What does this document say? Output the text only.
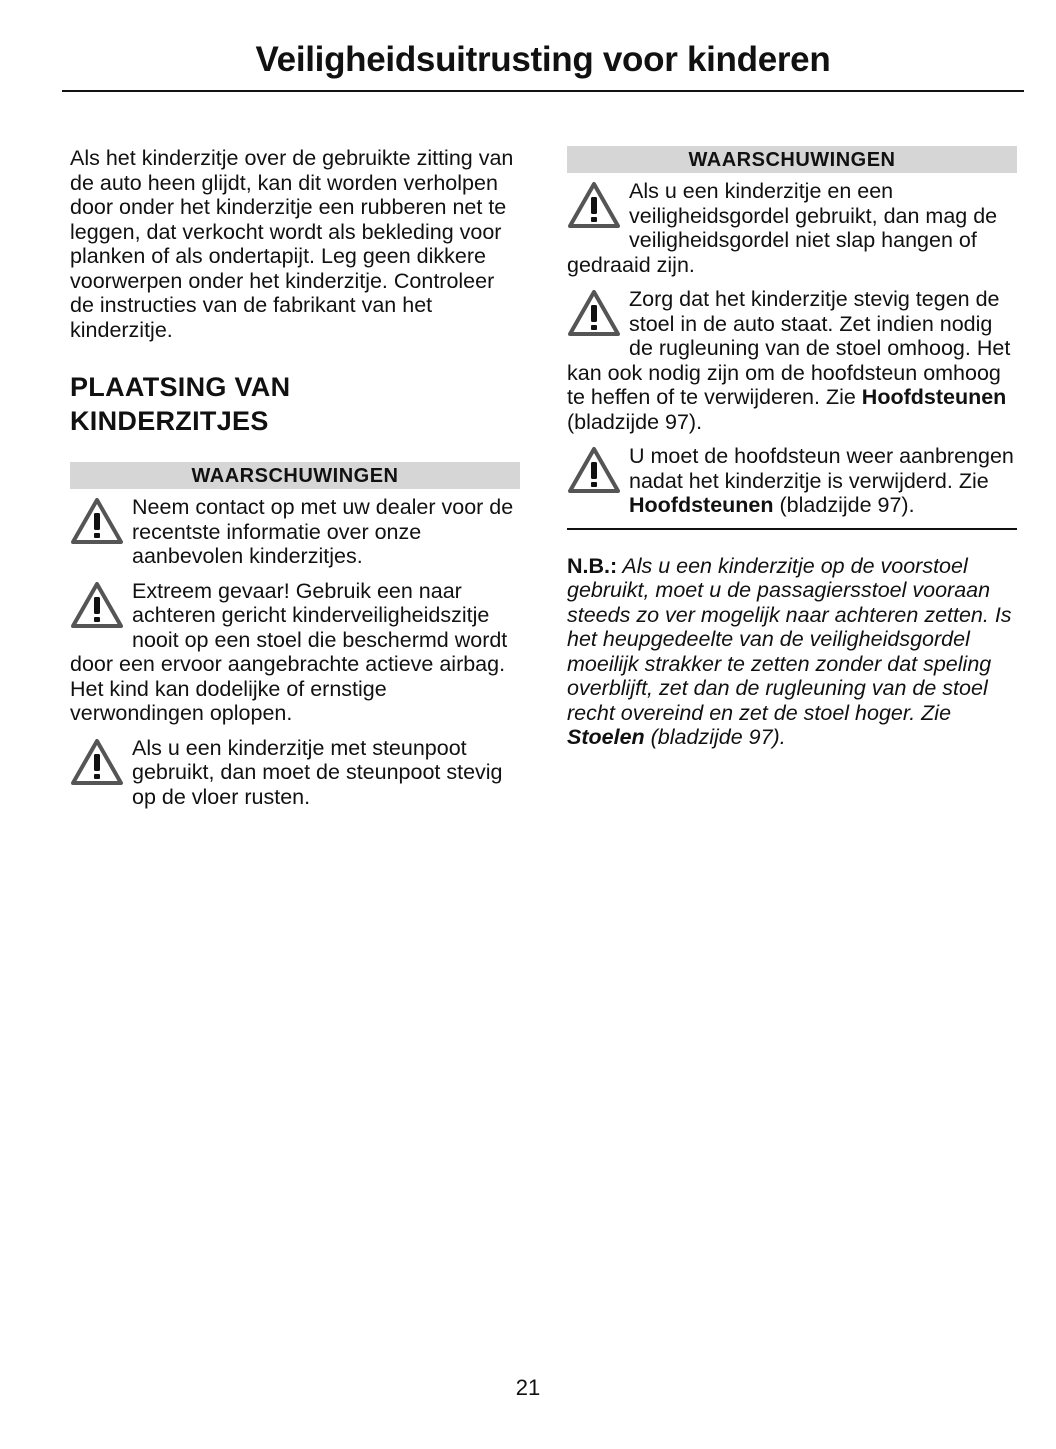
Veiligheidsuitrusting voor kinderen

Als het kinderzitje over de gebruikte zitting van de auto heen glijdt, kan dit worden verholpen door onder het kinderzitje een rubberen net te leggen, dat verkocht wordt als bekleding voor planken of als ondertapijt. Leg geen dikkere voorwerpen onder het kinderzitje. Controleer de instructies van de fabrikant van het kinderzitje.

PLAATSING VAN
KINDERZITJES
WAARSCHUWINGEN
Neem contact op met uw dealer voor de recentste informatie over onze aanbevolen kinderzitjes.
Extreem gevaar! Gebruik een naar achteren gericht kinderveiligheidszitje nooit op een stoel die beschermd wordt door een ervoor aangebrachte actieve airbag. Het kind kan dodelijke of ernstige verwondingen oplopen.
Als u een kinderzitje met steunpoot gebruikt, dan moet de steunpoot stevig op de vloer rusten.
WAARSCHUWINGEN
Als u een kinderzitje en een veiligheidsgordel gebruikt, dan mag de veiligheidsgordel niet slap hangen of gedraaid zijn.
Zorg dat het kinderzitje stevig tegen de stoel in de auto staat. Zet indien nodig de rugleuning van de stoel omhoog. Het kan ook nodig zijn om de hoofdsteun omhoog te heffen of te verwijderen. Zie Hoofdsteunen (bladzijde 97).
U moet de hoofdsteun weer aanbrengen nadat het kinderzitje is verwijderd. Zie Hoofdsteunen (bladzijde 97).

N.B.: Als u een kinderzitje op de voorstoel gebruikt, moet u de passagiersstoel vooraan steeds zo ver mogelijk naar achteren zetten. Is het heupgedeelte van de veiligheidsgordel moeilijk strakker te zetten zonder dat speling overblijft, zet dan de rugleuning van de stoel recht overeind en zet de stoel hoger. Zie Stoelen (bladzijde 97).

21
